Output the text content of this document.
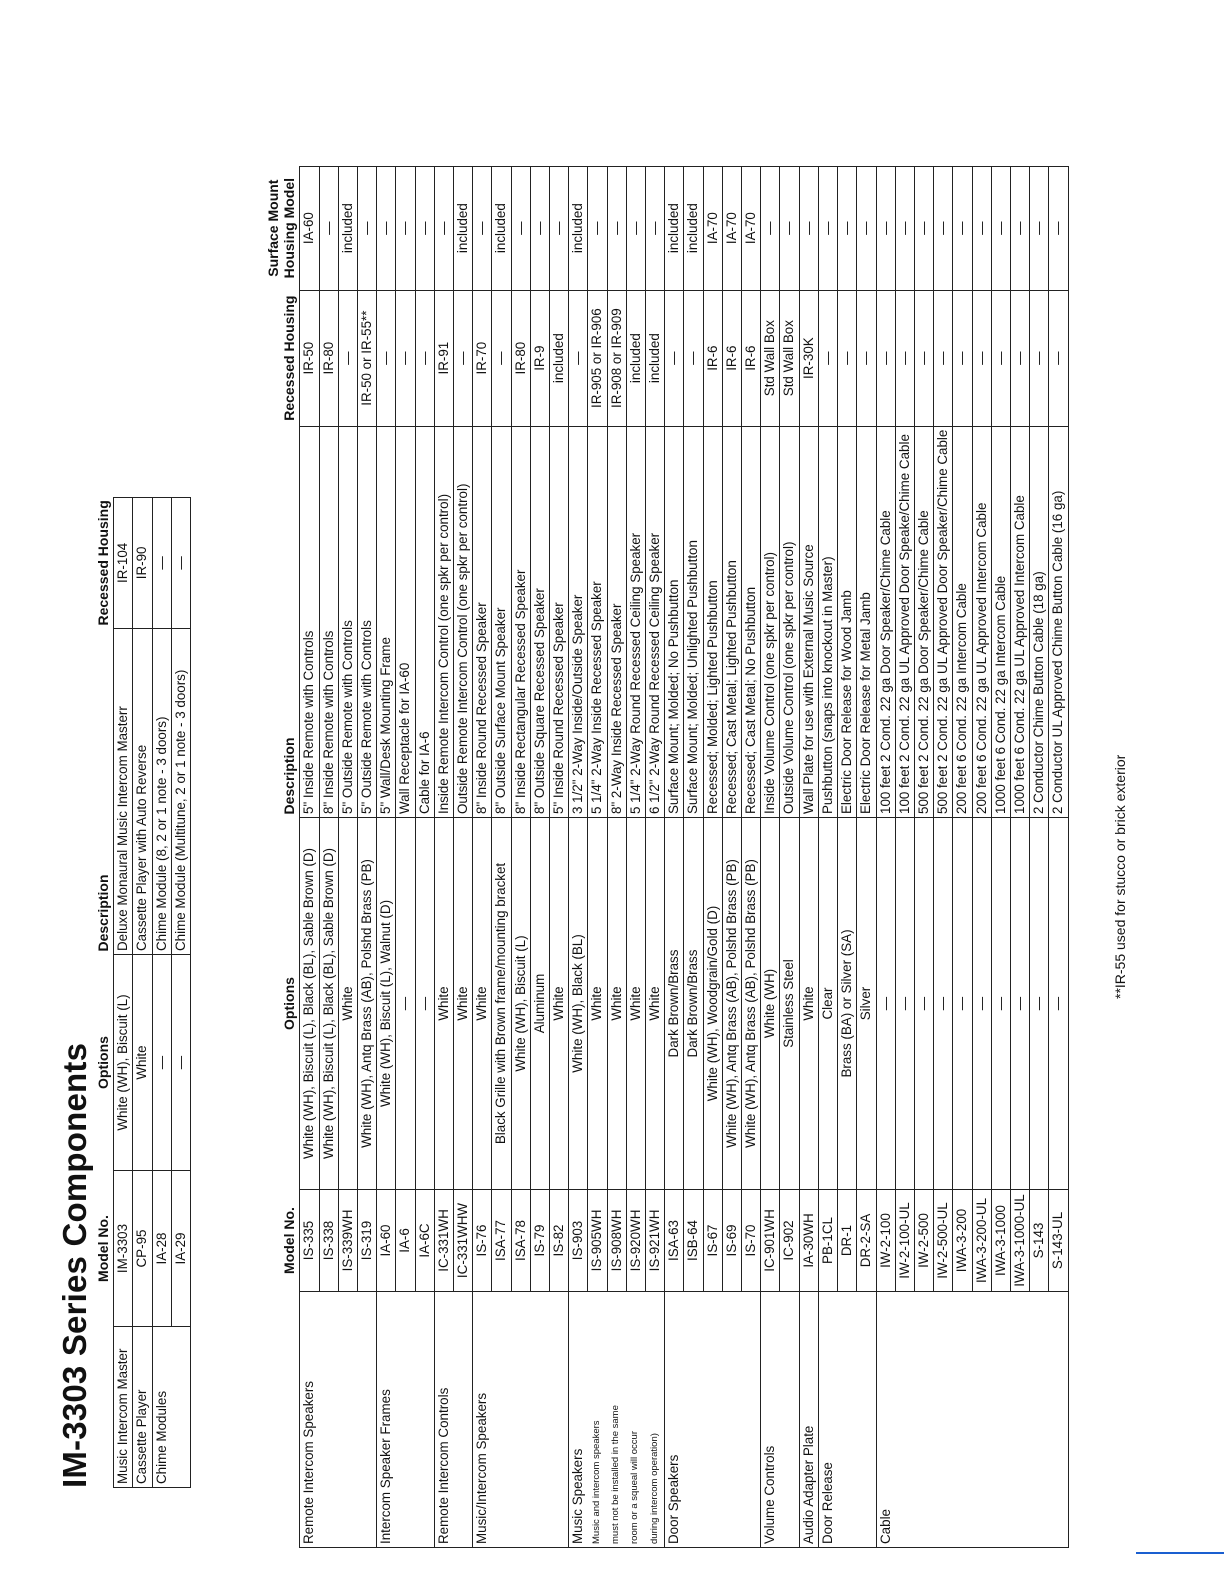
IM-3303 Series Components
	Model No.	Options	Description	Recessed Housing
Music Intercom Master	IM-3303	White (WH), Biscuit (L)	Deluxe Monaural Music Intercom Masterr	IR-104
Cassette Player	CP-95	White	Cassette Player with Auto Reverse	IR-90
Chime Modules	IA-28	—	Chime Module (8, 2 or 1 note - 3 doors)	—
	IA-29	—	Chime Module (Multitune, 2 or 1 note - 3 doors)	—
	Model No.	Options	Description	Recessed Housing	Surface Mount Housing Model

Remote Intercom Speakers	IS-335	White (WH), Biscuit (L), Black (BL), Sable Brown (D)	5" Inside Remote with Controls	IR-50	IA-60
	IS-338	White (WH), Biscuit (L), Black (BL), Sable Brown (D)	8" Inside Remote with Controls	IR-80	—
	IS-339WH	White	5" Outside Remote with Controls	—	included
	IS-319	White (WH), Antq Brass (AB), Polshd Brass (PB)	5" Outside Remote with Controls	IR-50 or IR-55**	—
Intercom Speaker Frames	IA-60	White (WH), Biscuit (L), Walnut (D)	5" Wall/Desk Mounting Frame	—	—
	IA-6	—	Wall Receptacle for IA-60	—	—
	IA-6C	—	Cable for IA-6	—	—
Remote Intercom Controls	IC-331WH	White	Inside Remote Intercom Control (one spkr per control)	IR-91	—
	IC-331WHW	White	Outside Remote Intercom Control (one spkr per control)	—	included
Music/Intercom Speakers	IS-76	White	8" Inside Round Recessed Speaker	IR-70	—
	ISA-77	Black Grille with Brown frame/mounting bracket	8" Outside Surface Mount Speaker	—	included
	ISA-78	White (WH), Biscuit (L)	8" Inside Rectangular Recessed Speaker	IR-80	—
	IS-79	Aluminum	8" Outside Square Recessed Speaker	IR-9	—
	IS-82	White	5" Inside Round Recessed Speaker	included	—
Music Speakers	IS-903	White (WH), Black (BL)	3 1/2" 2-Way Inside/Outside Speaker	—	included
Music and intercom speakers	IS-905WH	White	5 1/4" 2-Way Inside Recessed Speaker	IR-905 or IR-906	—
must not be installed in the same	IS-908WH	White	8" 2-Way Inside Recessed Speaker	IR-908 or IR-909	—
room or a squeal will occur	IS-920WH	White	5 1/4" 2-Way Round Recessed Ceiling Speaker	included	—
during intercom operation)	IS-921WH	White	6 1/2" 2-Way Round Recessed Ceiling Speaker	included	—
Door Speakers	ISA-63	Dark Brown/Brass	Surface Mount; Molded; No Pushbutton	—	included
	ISB-64	Dark Brown/Brass	Surface Mount; Molded; Unlighted Pushbutton	—	included
	IS-67	White (WH), Woodgrain/Gold (D)	Recessed; Molded; Lighted Pushbutton	IR-6	IA-70
	IS-69	White (WH), Antq Brass (AB), Polshd Brass (PB)	Recessed; Cast Metal; Lighted Pushbutton	IR-6	IA-70
	IS-70	White (WH), Antq Brass (AB), Polshd Brass (PB)	Recessed; Cast Metal; No Pushbutton	IR-6	IA-70
Volume Controls	IC-901WH	White (WH)	Inside Volume Control (one spkr per control)	Std Wall Box	—
	IC-902	Stainless Steel	Outside Volume Control (one spkr per control)	Std Wall Box	—
Audio Adapter Plate	IA-30WH	White	Wall Plate for use with External Music Source	IR-30K	—
Door Release	PB-1CL	Clear	Pushbutton (snaps into knockout in Master)	—	—
	DR-1	Brass (BA) or Silver (SA)	Electric Door Release for Wood Jamb	—	—
	DR-2-SA	Silver	Electric Door Release for Metal Jamb	—	—
Cable	IW-2-100	—	100 feet 2 Cond. 22 ga Door Speaker/Chime Cable	—	—
	IW-2-100-UL	—	100 feet 2 Cond. 22 ga UL Approved Door Speake/Chime Cable	—	—
	IW-2-500	—	500 feet 2 Cond. 22 ga Door Speaker/Chime Cable	—	—
	IW-2-500-UL	—	500 feet 2 Cond. 22 ga UL Approved Door Speaker/Chime Cable	—	—
	IWA-3-200	—	200 feet 6 Cond. 22 ga Intercom Cable	—	—
	IWA-3-200-UL	—	200 feet 6 Cond. 22 ga UL Approved Intercom Cable	—	—
	IWA-3-1000	—	1000 feet 6 Cond. 22 ga Intercom Cable	—	—
	IWA-3-1000-UL	—	1000 feet 6 Cond. 22 ga UL Approved Intercom Cable	—	—
	S-143	—	2 Conductor Chime Button Cable (18 ga)	—	—
	S-143-UL	—	2 Conductor UL Approved Chime Button Cable (16 ga)	—	—
**IR-55 used for stucco or brick exterior
